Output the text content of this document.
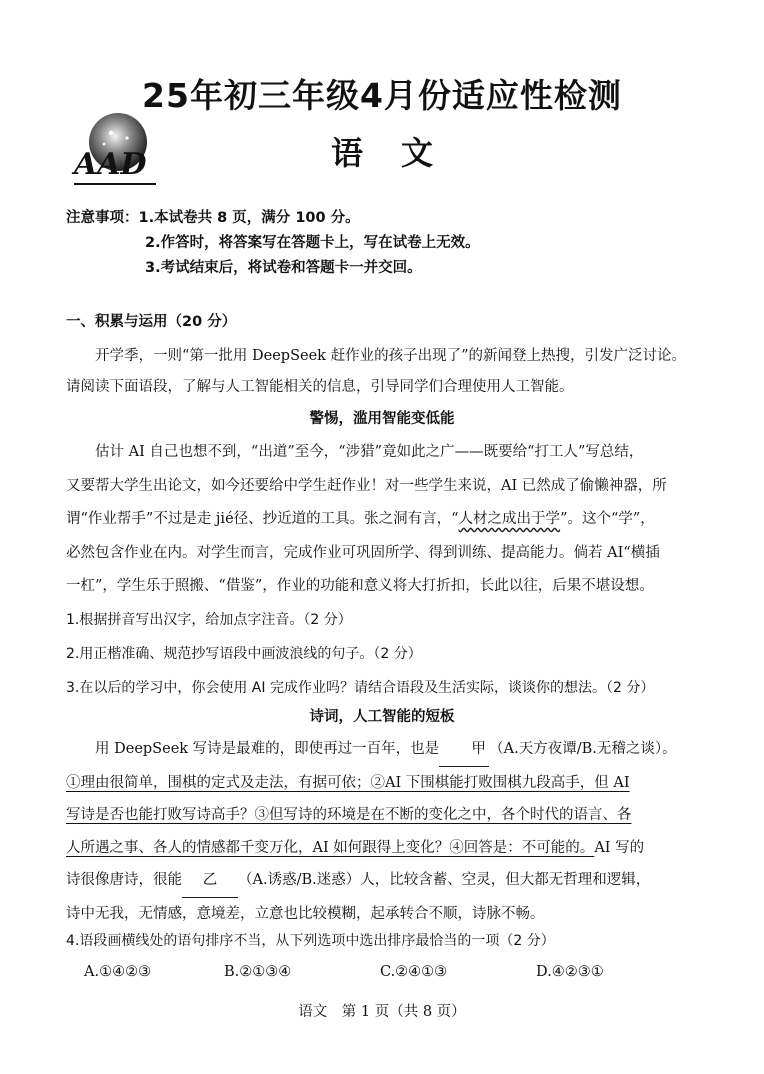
25年初三年级4月份适应性检测
AAD	语文
注意事项：1.本试卷共 8 页，满分 100 分。
2.作答时，将答案写在答题卡上，写在试卷上无效。
3.考试结束后，将试卷和答题卡一并交回。
一、积累与运用（20 分）

开学季，一则“第一批用 DeepSeek 赶作业的孩子出现了”的新闻登上热搜，引发广泛讨论。

请阅读下面语段，了解与人工智能相关的信息，引导同学们合理使用人工智能。

警惕，滥用智能变低能

估计 AI 自己也想不到，“出道”至今，“涉猎”竟如此之广——既要给“打工人”写总结，

又要帮大学生出论文，如今还要给中学生赶作业！对一些学生来说，AI 已然成了偷懒神器，所

谓“作业帮手”不过是走 jié径、抄近道的工具。张之洞有言，“人材之成出于学”。这个“学”，

必然包含作业在内。对学生而言，完成作业可巩固所学、得到训练、提高能力。倘若 AI“横插

一杠”，学生乐于照搬、“借鉴”，作业的功能和意义将大打折扣，长此以往，后果不堪设想。

1.根据拼音写出汉字，给加点字注音。（2 分）

2.用正楷准确、规范抄写语段中画波浪线的句子。（2 分）

3.在以后的学习中，你会使用 AI 完成作业吗？请结合语段及生活实际，谈谈你的想法。（2 分）

诗词，人工智能的短板

用 DeepSeek 写诗是最难的，即使再过一百年，也是 甲 （A.天方夜谭/B.无稽之谈）。

①理由很简单，围棋的定式及走法，有据可依；②AI 下围棋能打败围棋九段高手，但 AI

写诗是否也能打败写诗高手？③但写诗的环境是在不断的变化之中，各个时代的语言、各

人所遇之事、各人的情感都千变万化，AI 如何跟得上变化？④回答是：不可能的。AI 写的

诗很像唐诗，很能 乙 （A.诱惑/B.迷惑）人，比较含蓄、空灵，但大都无哲理和逻辑，

诗中无我，无情感，意境差，立意也比较模糊，起承转合不顺，诗脉不畅。

4.语段画横线处的语句排序不当，从下列选项中选出排序最恰当的一项（2 分）

A.①④②③	B.②①③④	C.②④①③	D.④②③①
语文　第 1 页（共 8 页）
